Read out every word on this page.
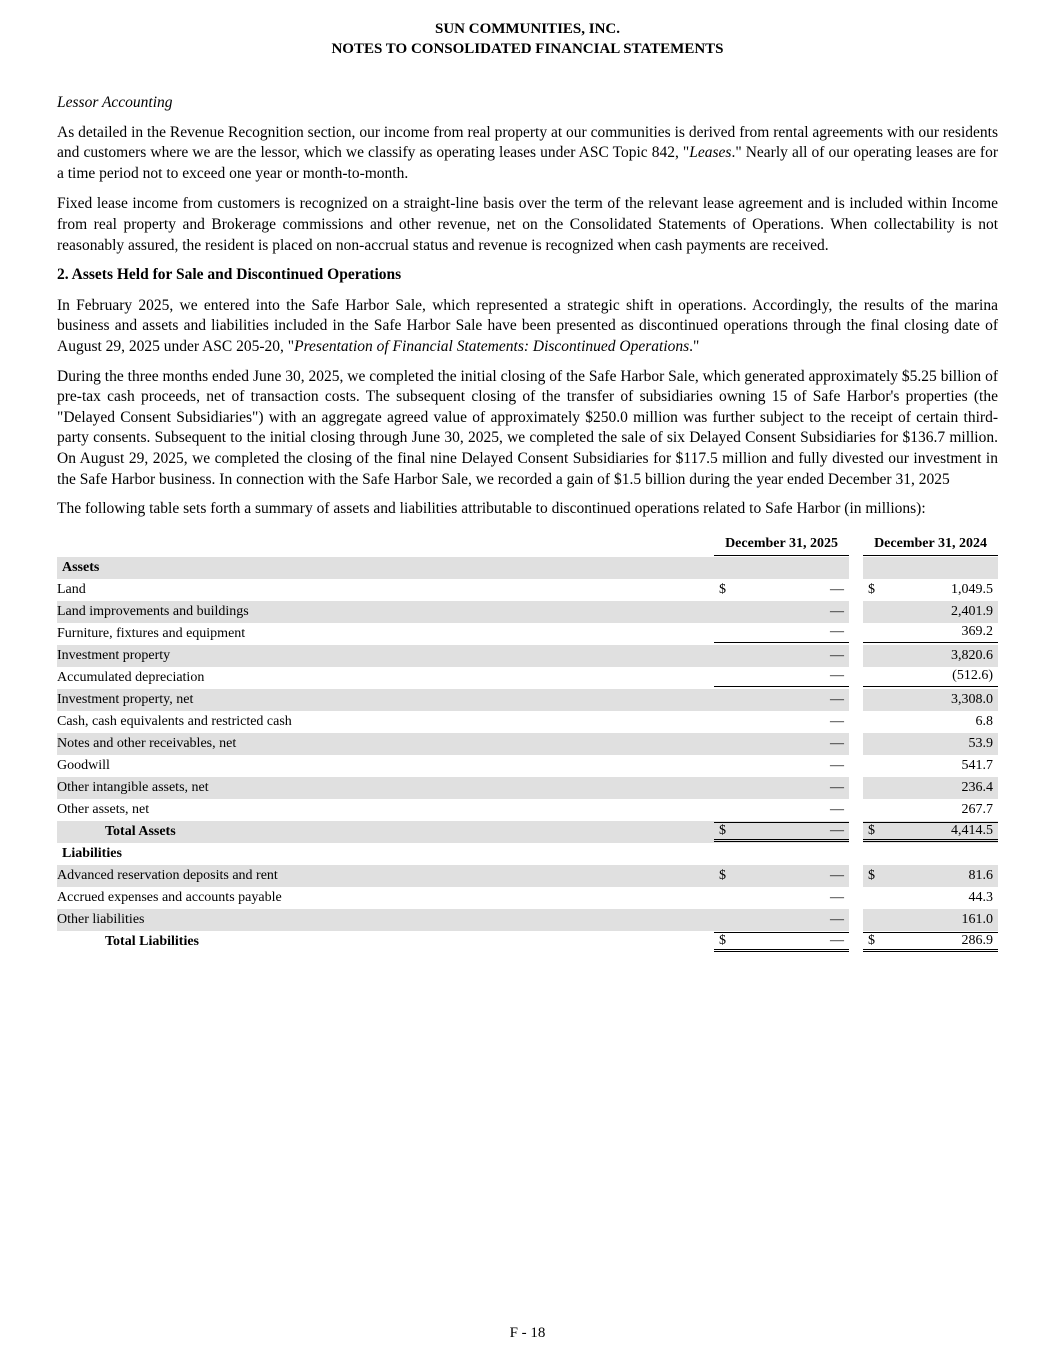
SUN COMMUNITIES, INC.
NOTES TO CONSOLIDATED FINANCIAL STATEMENTS

Lessor Accounting

As detailed in the Revenue Recognition section, our income from real property at our communities is derived from rental agreements with our residents and customers where we are the lessor, which we classify as operating leases under ASC Topic 842, "Leases." Nearly all of our operating leases are for a time period not to exceed one year or month-to-month.

Fixed lease income from customers is recognized on a straight-line basis over the term of the relevant lease agreement and is included within Income from real property and Brokerage commissions and other revenue, net on the Consolidated Statements of Operations. When collectability is not reasonably assured, the resident is placed on non-accrual status and revenue is recognized when cash payments are received.

2. Assets Held for Sale and Discontinued Operations

In February 2025, we entered into the Safe Harbor Sale, which represented a strategic shift in operations. Accordingly, the results of the marina business and assets and liabilities included in the Safe Harbor Sale have been presented as discontinued operations through the final closing date of August 29, 2025 under ASC 205-20, "Presentation of Financial Statements: Discontinued Operations."

During the three months ended June 30, 2025, we completed the initial closing of the Safe Harbor Sale, which generated approximately $5.25 billion of pre-tax cash proceeds, net of transaction costs. The subsequent closing of the transfer of subsidiaries owning 15 of Safe Harbor's properties (the "Delayed Consent Subsidiaries") with an aggregate agreed value of approximately $250.0 million was further subject to the receipt of certain third-party consents. Subsequent to the initial closing through June 30, 2025, we completed the sale of six Delayed Consent Subsidiaries for $136.7 million. On August 29, 2025, we completed the closing of the final nine Delayed Consent Subsidiaries for $117.5 million and fully divested our investment in the Safe Harbor business. In connection with the Safe Harbor Sale, we recorded a gain of $1.5 billion during the year ended December 31, 2025

The following table sets forth a summary of assets and liabilities attributable to discontinued operations related to Safe Harbor (in millions):

	December 31, 2025		December 31, 2024

Assets			
Land	$ —		$ 1,049.5

Land improvements and buildings	—		2,401.9

Furniture, fixtures and equipment	—		369.2

Investment property	—		3,820.6

Accumulated depreciation	—		(512.6)

Investment property, net	—		3,308.0

Cash, cash equivalents and restricted cash	—		6.8

Notes and other receivables, net	—		53.9

Goodwill	—		541.7

Other intangible assets, net	—		236.4

Other assets, net	—		267.7

Total Assets	$ —		$ 4,414.5

Liabilities			
Advanced reservation deposits and rent	$ —		$ 81.6

Accrued expenses and accounts payable	—		44.3

Other liabilities	—		161.0

Total Liabilities	$ —		$ 286.9
F - 18
